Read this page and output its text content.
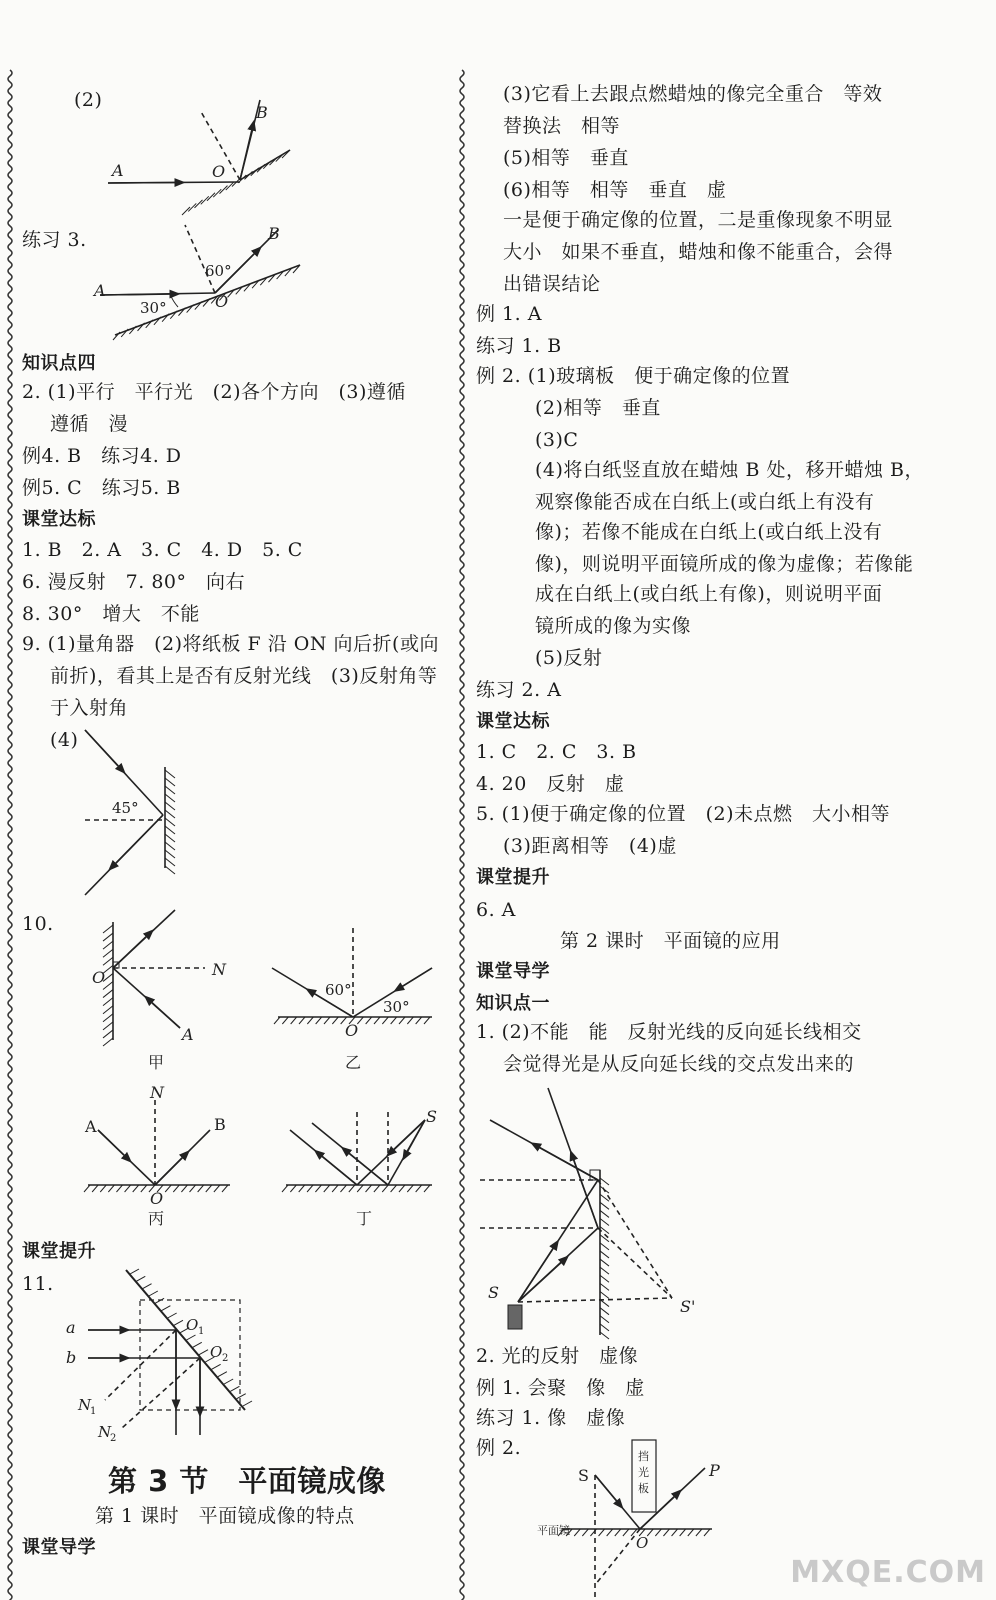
(2)
练习 3.
知识点四
2. (1)平行　平行光　(2)各个方向　(3)遵循
遵循　漫
例4. B　练习4. D
例5. C　练习5. B
课堂达标
1. B　2. A　3. C　4. D　5. C
6. 漫反射　7. 80°　向右
8. 30°　增大　不能
9. (1)量角器　(2)将纸板 F 沿 ON 向后折(或向
前折)，看其上是否有反射光线　(3)反射角等
于入射角
(4)
10.
课堂提升
11.
第 3 节　平面镜成像
第 1 课时　平面镜成像的特点
课堂导学
(3)它看上去跟点燃蜡烛的像完全重合　等效
替换法　相等
(5)相等　垂直
(6)相等　相等　垂直　虚
一是便于确定像的位置，二是重像现象不明显
大小　如果不垂直，蜡烛和像不能重合，会得
出错误结论
例 1. A
练习 1. B
例 2. (1)玻璃板　便于确定像的位置
(2)相等　垂直
(3)C
(4)将白纸竖直放在蜡烛 B 处，移开蜡烛 B，
观察像能否成在白纸上(或白纸上有没有
像)；若像不能成在白纸上(或白纸上没有
像)，则说明平面镜所成的像为虚像；若像能
成在白纸上(或白纸上有像)，则说明平面
镜所成的像为实像
(5)反射
练习 2. A
课堂达标
1. C　2. C　3. B
4. 20　反射　虚
5. (1)便于确定像的位置　(2)未点燃　大小相等
(3)距离相等　(4)虚
课堂提升
6. A
第 2 课时　平面镜的应用
课堂导学
知识点一
1. (2)不能　能　反射光线的反向延长线相交
会觉得光是从反向延长线的交点发出来的
2. 光的反射　虚像
例 1. 会聚　像　虚
练习 1. 像　虚像
例 2.
B
A	O
B
60°
A
30°	O
45°
O	N
A
甲
60°
30°
O
乙
N
A	B
O
丙
S
丁
a
b
O 1
O 2
N
1
N
2
S
S'
S	P
O
平面镜
挡光板
MXQE.COM
